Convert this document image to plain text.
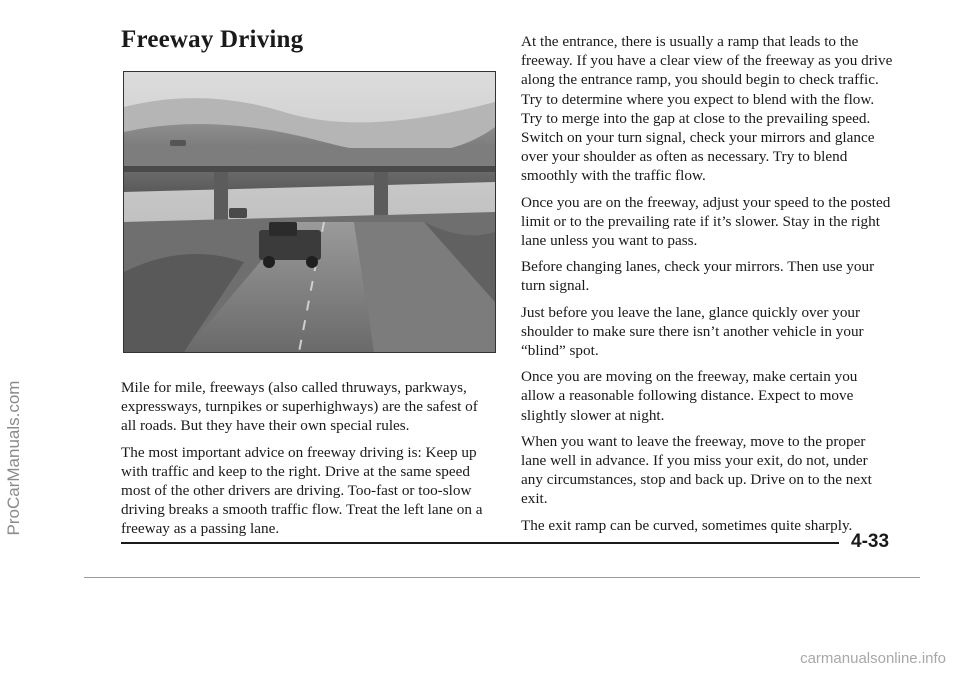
Freeway Driving

Mile for mile, freeways (also called thruways, parkways, expressways, turnpikes or superhighways) are the safest of all roads. But they have their own special rules.

The most important advice on freeway driving is: Keep up with traffic and keep to the right. Drive at the same speed most of the other drivers are driving. Too-fast or too-slow driving breaks a smooth traffic flow. Treat the left lane on a freeway as a passing lane.

At the entrance, there is usually a ramp that leads to the freeway. If you have a clear view of the freeway as you drive along the entrance ramp, you should begin to check traffic. Try to determine where you expect to blend with the flow. Try to merge into the gap at close to the prevailing speed. Switch on your turn signal, check your mirrors and glance over your shoulder as often as necessary. Try to blend smoothly with the traffic flow.

Once you are on the freeway, adjust your speed to the posted limit or to the prevailing rate if it’s slower. Stay in the right lane unless you want to pass.

Before changing lanes, check your mirrors. Then use your turn signal.

Just before you leave the lane, glance quickly over your shoulder to make sure there isn’t another vehicle in your “blind” spot.

Once you are moving on the freeway, make certain you allow a reasonable following distance. Expect to move slightly slower at night.

When you want to leave the freeway, move to the proper lane well in advance. If you miss your exit, do not, under any circumstances, stop and back up. Drive on to the next exit.

The exit ramp can be curved, sometimes quite sharply.

4-33
ProCarManuals.com
carmanualsonline.info
